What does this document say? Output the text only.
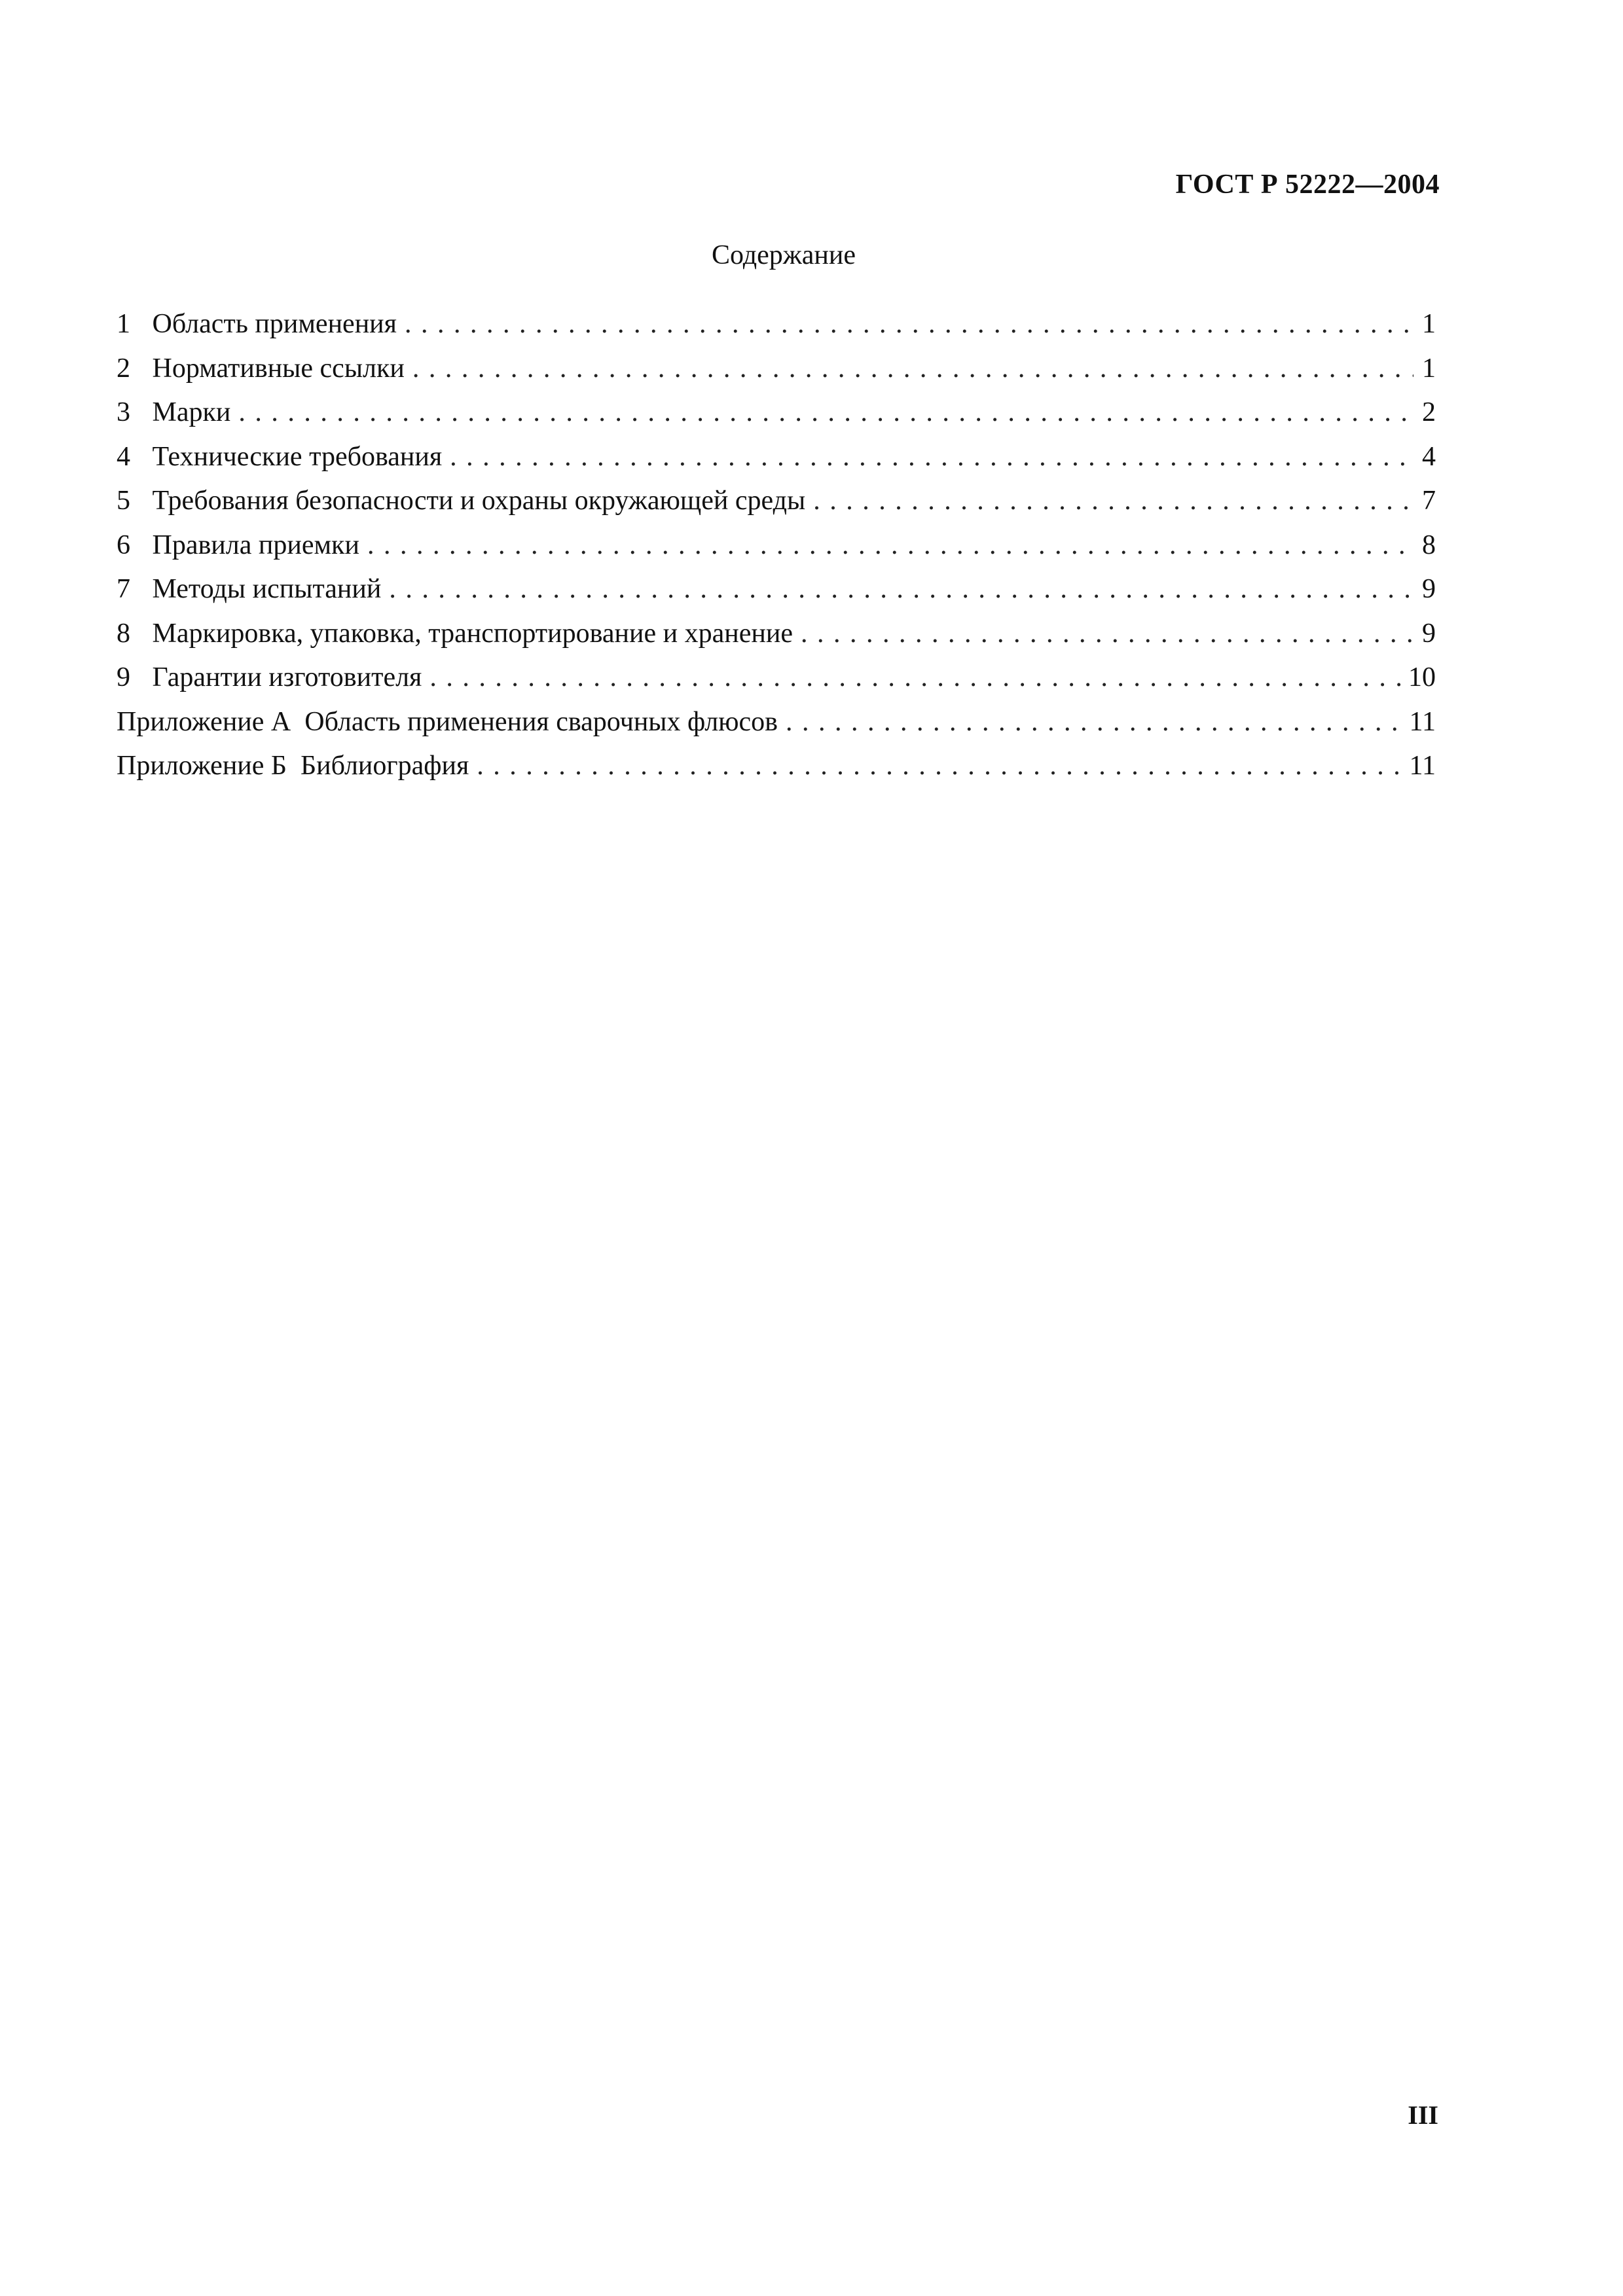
ГОСТ Р 52222—2004
Содержание
1 Область применения . . .	1
2 Нормативные ссылки . . .	1
3 Марки . . .	2
4 Технические требования . . .	4
5 Требования безопасности и охраны окружающей среды . . .	7
6 Правила приемки . . .	8
7 Методы испытаний . . .	9
8 Маркировка, упаковка, транспортирование и хранение . . .	9
9 Гарантии изготовителя . . .	10
Приложение А Область применения сварочных флюсов . . .	11
Приложение Б Библиография . . .	11
III
